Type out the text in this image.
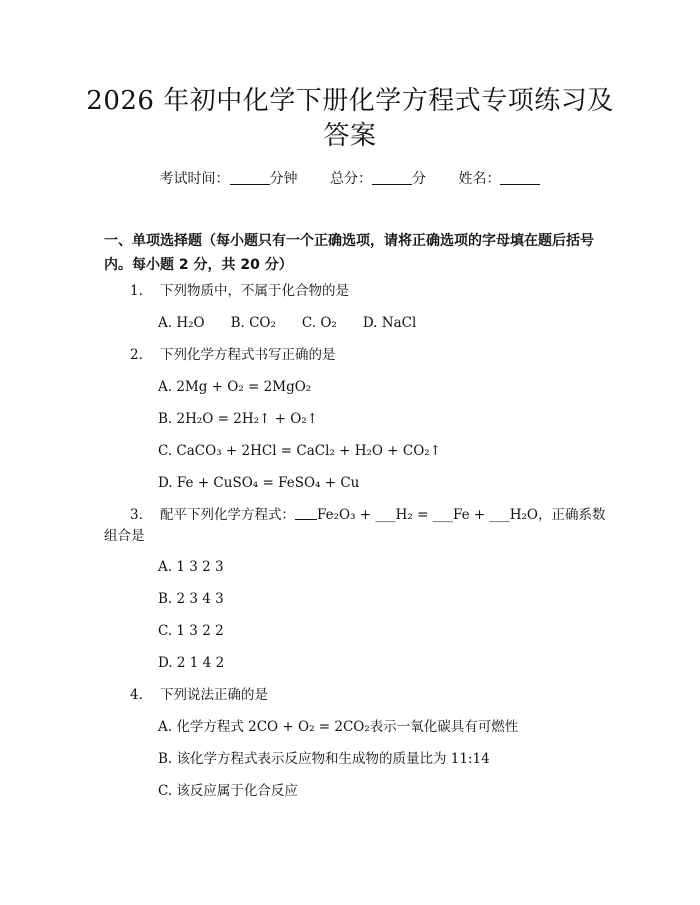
2026 年初中化学下册化学方程式专项练习及
答案
考试时间：	分钟 总分：	分 姓名：
一、单项选择题（每小题只有一个正确选项，请将正确选项的字母填在题后括号内。每小题 2 分，共 20 分）
1. 下列物质中，不属于化合物的是
A. H₂O B. CO₂ C. O₂ D. NaCl
2. 下列化学方程式书写正确的是
A. 2Mg + O₂ = 2MgO₂
B. 2H₂O = 2H₂↑ + O₂↑
C. CaCO₃ + 2HCl = CaCl₂ + H₂O + CO₂↑
D. Fe + CuSO₄ = FeSO₄ + Cu
3. 配平下列化学方程式： Fe₂O₃ + ___H₂ = ___Fe + ___H₂O，正确系数
组合是
A. 1 3 2 3
B. 2 3 4 3
C. 1 3 2 2
D. 2 1 4 2
4. 下列说法正确的是
A. 化学方程式 2CO + O₂ = 2CO₂表示一氧化碳具有可燃性
B. 该化学方程式表示反应物和生成物的质量比为 11:14
C. 该反应属于化合反应
